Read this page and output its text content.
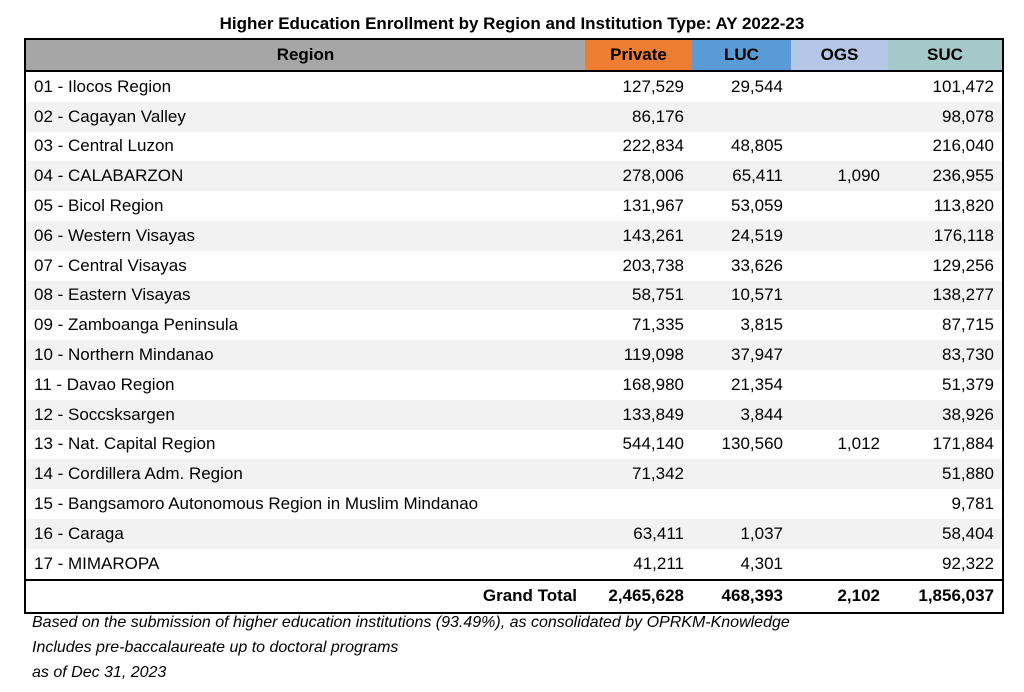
Higher Education Enrollment by Region and Institution Type: AY 2022-23
Region	Private	LUC	OGS	SUC
01 - Ilocos Region	127,529	29,544		101,472
02 - Cagayan Valley	86,176			98,078
03 - Central Luzon	222,834	48,805		216,040
04 - CALABARZON	278,006	65,411	1,090	236,955
05 - Bicol Region	131,967	53,059		113,820
06 - Western Visayas	143,261	24,519		176,118
07 - Central Visayas	203,738	33,626		129,256
08 - Eastern Visayas	58,751	10,571		138,277
09 - Zamboanga Peninsula	71,335	3,815		87,715
10 - Northern Mindanao	119,098	37,947		83,730
11 - Davao Region	168,980	21,354		51,379
12 - Soccsksargen	133,849	3,844		38,926
13 - Nat. Capital Region	544,140	130,560	1,012	171,884
14 - Cordillera Adm. Region	71,342			51,880
15 - Bangsamoro Autonomous Region in Muslim Mindanao				9,781
16 - Caraga	63,411	1,037		58,404
17 - MIMAROPA	41,211	4,301		92,322
Grand Total	2,465,628	468,393	2,102	1,856,037
Based on the submission of higher education institutions (93.49%), as consolidated by OPRKM-Knowledge
Includes pre-baccalaureate up to doctoral programs
as of Dec 31, 2023
